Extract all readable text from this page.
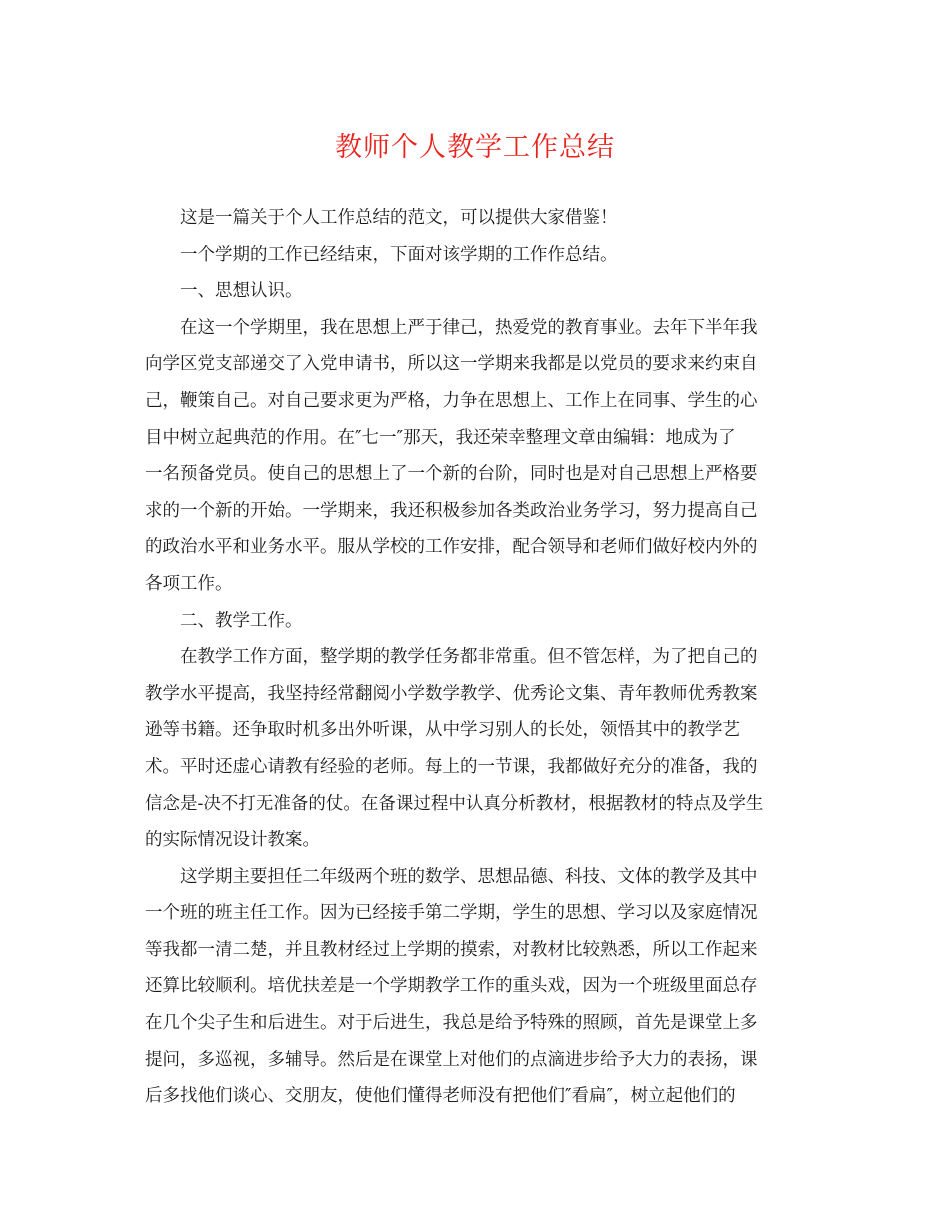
教师个人教学工作总结
这是一篇关于个人工作总结的范文，可以提供大家借鉴！
一个学期的工作已经结束，下面对该学期的工作作总结。
一、思想认识。
在这一个学期里，我在思想上严于律己，热爱党的教育事业。去年下半年我
向学区党支部递交了入党申请书，所以这一学期来我都是以党员的要求来约束自
己，鞭策自己。对自己要求更为严格，力争在思想上、工作上在同事、学生的心
目中树立起典范的作用。在″七一″那天，我还荣幸整理文章由编辑：地成为了
一名预备党员。使自己的思想上了一个新的台阶，同时也是对自己思想上严格要
求的一个新的开始。一学期来，我还积极参加各类政治业务学习，努力提高自己
的政治水平和业务水平。服从学校的工作安排，配合领导和老师们做好校内外的
各项工作。
二、教学工作。
在教学工作方面，整学期的教学任务都非常重。但不管怎样，为了把自己的
教学水平提高，我坚持经常翻阅小学数学教学、优秀论文集、青年教师优秀教案
逊等书籍。还争取时机多出外听课，从中学习别人的长处，领悟其中的教学艺
术。平时还虚心请教有经验的老师。每上的一节课，我都做好充分的准备，我的
信念是-决不打无准备的仗。在备课过程中认真分析教材，根据教材的特点及学生
的实际情况设计教案。
这学期主要担任二年级两个班的数学、思想品德、科技、文体的教学及其中
一个班的班主任工作。因为已经接手第二学期，学生的思想、学习以及家庭情况
等我都一清二楚，并且教材经过上学期的摸索，对教材比较熟悉，所以工作起来
还算比较顺利。培优扶差是一个学期教学工作的重头戏，因为一个班级里面总存
在几个尖子生和后进生。对于后进生，我总是给予特殊的照顾，首先是课堂上多
提问，多巡视，多辅导。然后是在课堂上对他们的点滴进步给予大力的表扬，课
后多找他们谈心、交朋友，使他们懂得老师没有把他们″看扁″，树立起他们的
